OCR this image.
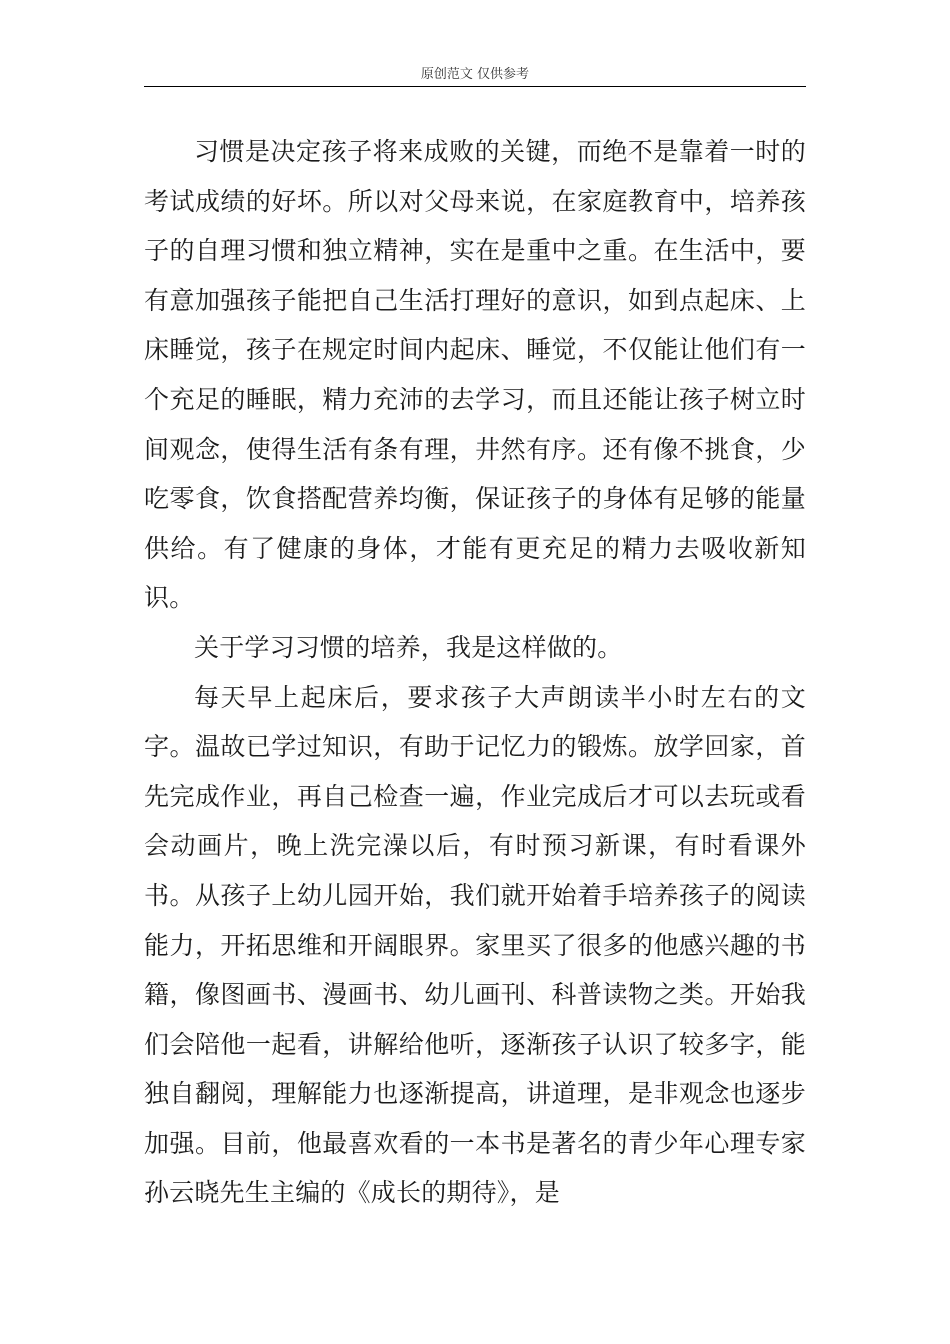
原创范文 仅供参考

习惯是决定孩子将来成败的关键，而绝不是靠着一时的考试成绩的好坏。所以对父母来说，在家庭教育中，培养孩子的自理习惯和独立精神，实在是重中之重。在生活中，要有意加强孩子能把自己生活打理好的意识，如到点起床、上床睡觉，孩子在规定时间内起床、睡觉，不仅能让他们有一个充足的睡眠，精力充沛的去学习，而且还能让孩子树立时间观念，使得生活有条有理，井然有序。还有像不挑食，少吃零食，饮食搭配营养均衡，保证孩子的身体有足够的能量供给。有了健康的身体，才能有更充足的精力去吸收新知识。

关于学习习惯的培养，我是这样做的。

每天早上起床后，要求孩子大声朗读半小时左右的文字。温故已学过知识，有助于记忆力的锻炼。放学回家，首先完成作业，再自己检查一遍，作业完成后才可以去玩或看会动画片，晚上洗完澡以后，有时预习新课，有时看课外书。从孩子上幼儿园开始，我们就开始着手培养孩子的阅读能力，开拓思维和开阔眼界。家里买了很多的他感兴趣的书籍，像图画书、漫画书、幼儿画刊、科普读物之类。开始我们会陪他一起看，讲解给他听，逐渐孩子认识了较多字，能独自翻阅，理解能力也逐渐提高，讲道理，是非观念也逐步加强。目前，他最喜欢看的一本书是著名的青少年心理专家孙云晓先生主编的《成长的期待》，是
